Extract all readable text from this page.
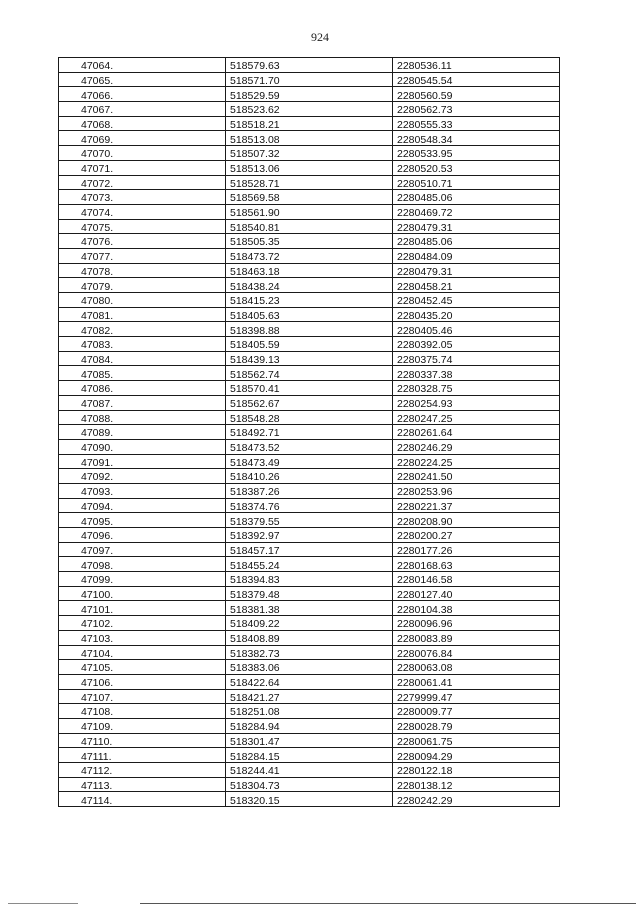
924
47064.	518579.63	2280536.11
47065.	518571.70	2280545.54
47066.	518529.59	2280560.59
47067.	518523.62	2280562.73
47068.	518518.21	2280555.33
47069.	518513.08	2280548.34
47070.	518507.32	2280533.95
47071.	518513.06	2280520.53
47072.	518528.71	2280510.71
47073.	518569.58	2280485.06
47074.	518561.90	2280469.72
47075.	518540.81	2280479.31
47076.	518505.35	2280485.06
47077.	518473.72	2280484.09
47078.	518463.18	2280479.31
47079.	518438.24	2280458.21
47080.	518415.23	2280452.45
47081.	518405.63	2280435.20
47082.	518398.88	2280405.46
47083.	518405.59	2280392.05
47084.	518439.13	2280375.74
47085.	518562.74	2280337.38
47086.	518570.41	2280328.75
47087.	518562.67	2280254.93
47088.	518548.28	2280247.25
47089.	518492.71	2280261.64
47090.	518473.52	2280246.29
47091.	518473.49	2280224.25
47092.	518410.26	2280241.50
47093.	518387.26	2280253.96
47094.	518374.76	2280221.37
47095.	518379.55	2280208.90
47096.	518392.97	2280200.27
47097.	518457.17	2280177.26
47098.	518455.24	2280168.63
47099.	518394.83	2280146.58
47100.	518379.48	2280127.40
47101.	518381.38	2280104.38
47102.	518409.22	2280096.96
47103.	518408.89	2280083.89
47104.	518382.73	2280076.84
47105.	518383.06	2280063.08
47106.	518422.64	2280061.41
47107.	518421.27	2279999.47
47108.	518251.08	2280009.77
47109.	518284.94	2280028.79
47110.	518301.47	2280061.75
47111.	518284.15	2280094.29
47112.	518244.41	2280122.18
47113.	518304.73	2280138.12
47114.	518320.15	2280242.29
